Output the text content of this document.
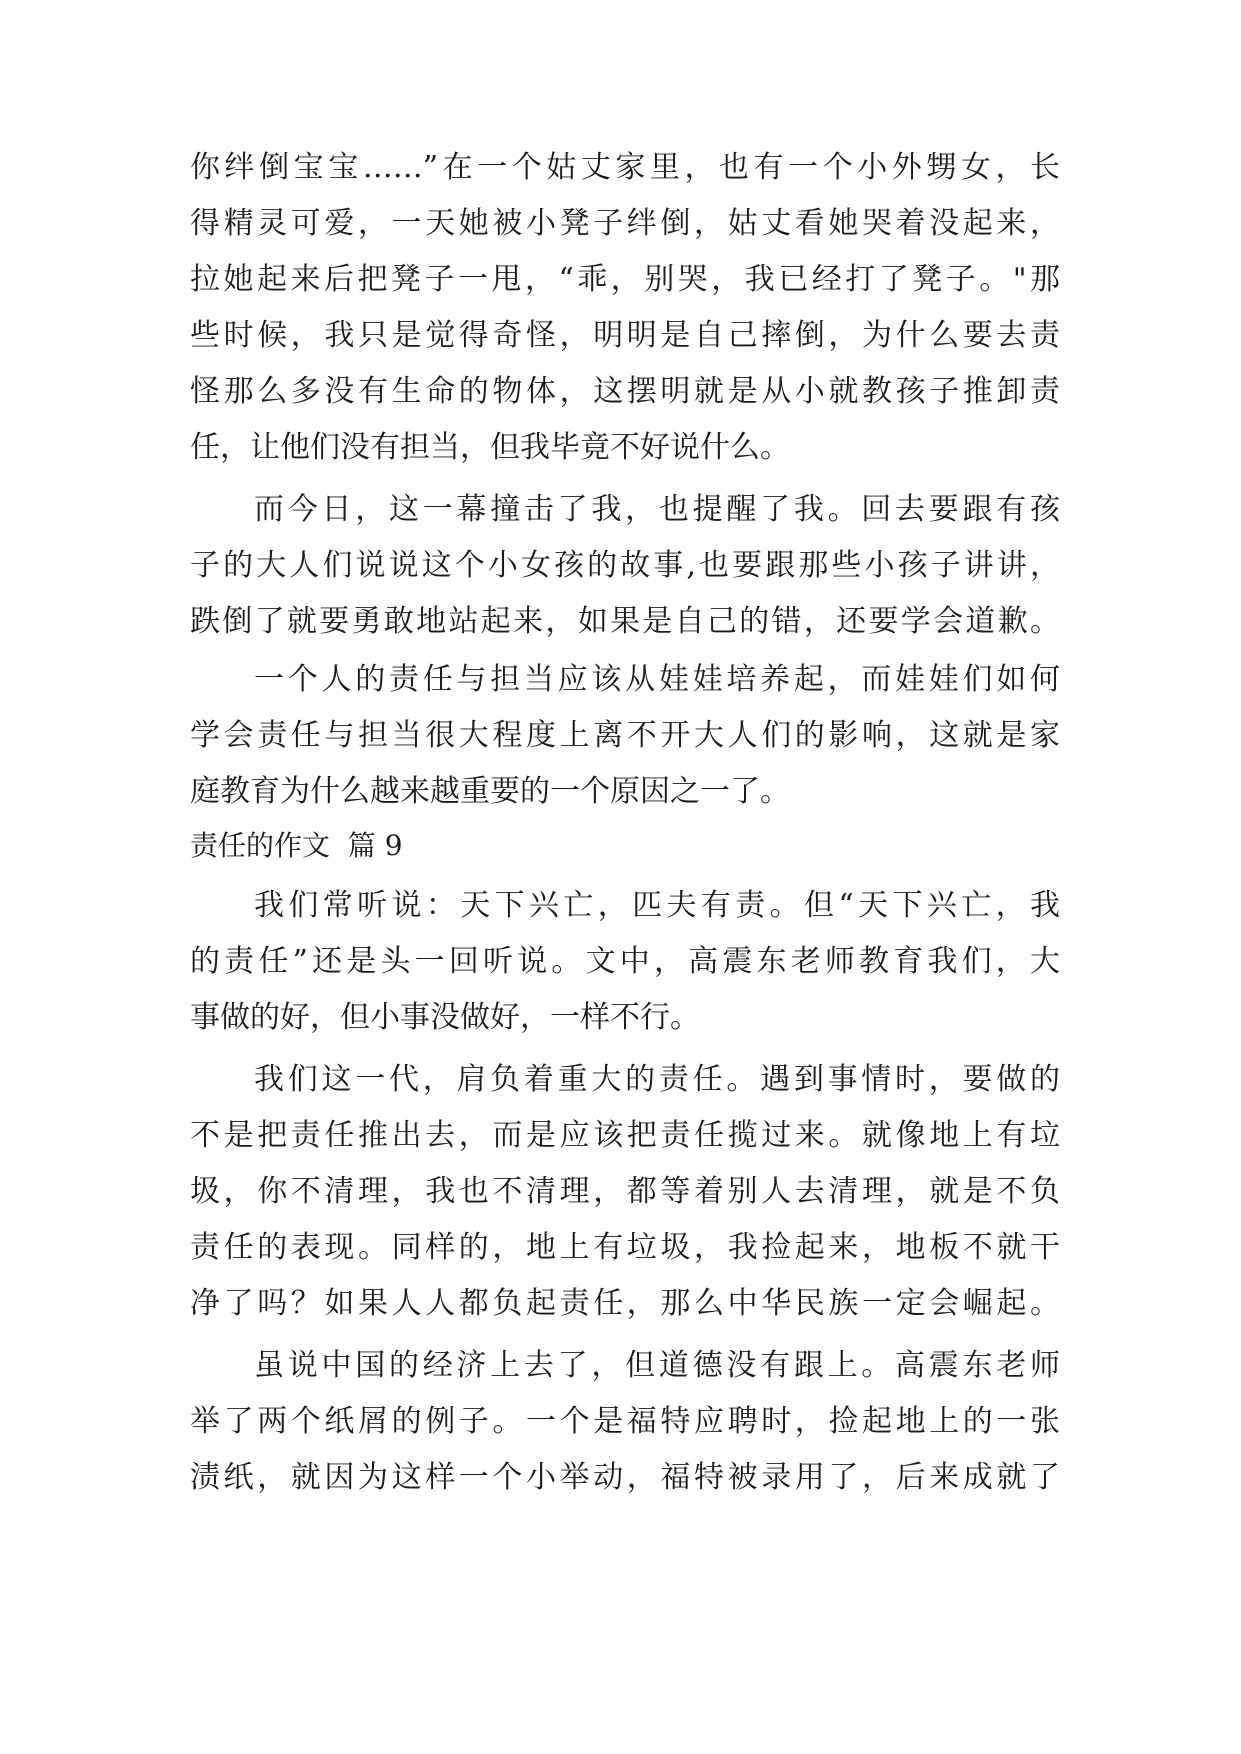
你绊倒宝宝……”在一个姑丈家里，也有一个小外甥女，长
得精灵可爱，一天她被小凳子绊倒，姑丈看她哭着没起来，
拉她起来后把凳子一甩，“乖，别哭，我已经打了凳子。"那
些时候，我只是觉得奇怪，明明是自己摔倒，为什么要去责
怪那么多没有生命的物体，这摆明就是从小就教孩子推卸责
任，让他们没有担当，但我毕竟不好说什么。
而今日，这一幕撞击了我，也提醒了我。回去要跟有孩
子的大人们说说这个小女孩的故事,也要跟那些小孩子讲讲，
跌倒了就要勇敢地站起来，如果是自己的错，还要学会道歉。
一个人的责任与担当应该从娃娃培养起，而娃娃们如何
学会责任与担当很大程度上离不开大人们的影响，这就是家
庭教育为什么越来越重要的一个原因之一了。
责任的作文  篇 9
我们常听说：天下兴亡，匹夫有责。但“天下兴亡，我
的责任”还是头一回听说。文中，高震东老师教育我们，大
事做的好，但小事没做好，一样不行。
我们这一代，肩负着重大的责任。遇到事情时，要做的
不是把责任推出去，而是应该把责任揽过来。就像地上有垃
圾，你不清理，我也不清理，都等着别人去清理，就是不负
责任的表现。同样的，地上有垃圾，我捡起来，地板不就干
净了吗？如果人人都负起责任，那么中华民族一定会崛起。
虽说中国的经济上去了，但道德没有跟上。高震东老师
举了两个纸屑的例子。一个是福特应聘时，捡起地上的一张
渍纸，就因为这样一个小举动，福特被录用了，后来成就了
